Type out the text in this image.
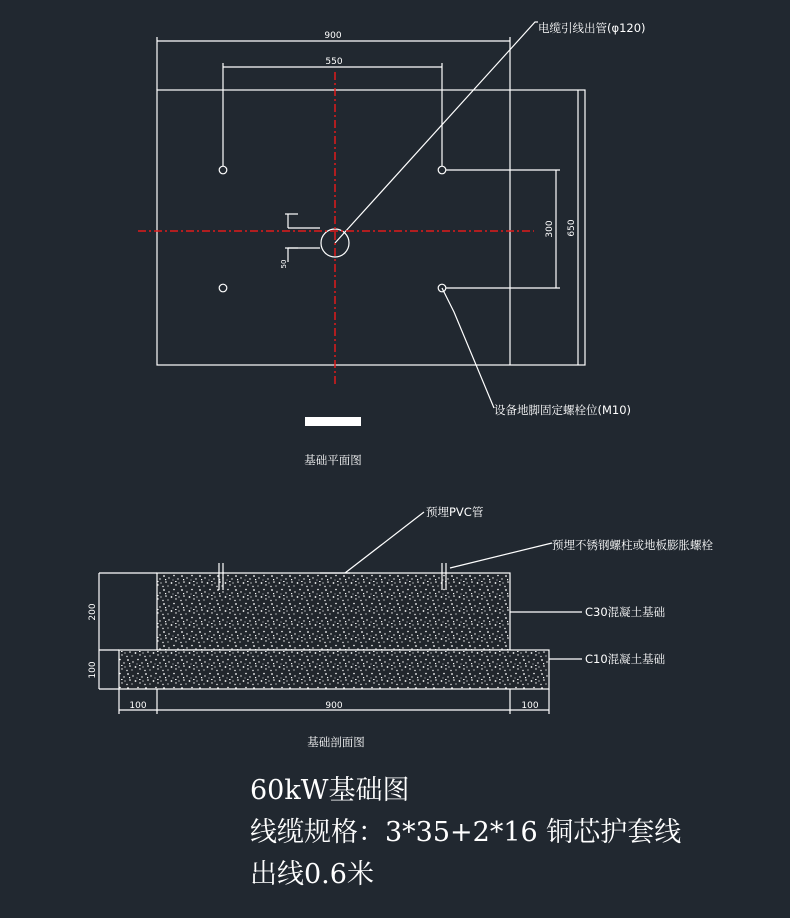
900
550
300 650
50
电缆引线出管(φ120)
设备地脚固定螺栓位(M10)
基础平面图
200
100
100	900	100
预埋PVC管
预埋不锈钢螺柱或地板膨胀螺栓
C30混凝土基础
C10混凝土基础
基础剖面图
60kW基础图
线缆规格：3*35+2*16 铜芯护套线
出线0.6米
